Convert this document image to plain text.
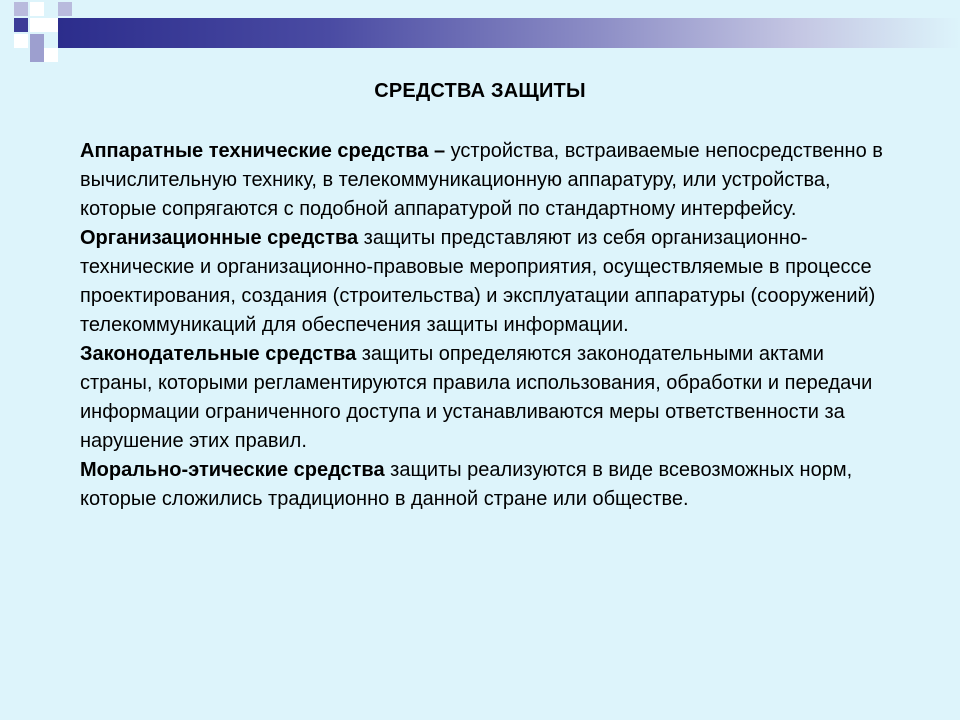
СРЕДСТВА ЗАЩИТЫ

Аппаратные технические средства – устройства, встраиваемые непосредственно в вычислительную технику, в телекоммуникационную аппаратуру, или устройства, которые сопрягаются с подобной аппаратурой по стандартному интерфейсу.

Организационные средства защиты представляют из себя организационно-технические и организационно-правовые мероприятия, осуществляемые в процессе проектирования, создания (строительства) и эксплуатации аппаратуры (сооружений) телекоммуникаций для обеспечения защиты информации.

Законодательные средства защиты определяются законодательными актами страны, которыми регламентируются правила использования, обработки и передачи информации ограниченного доступа и устанавливаются меры ответственности за нарушение этих правил.

Морально-этические средства защиты реализуются в виде всевозможных норм, которые сложились традиционно в данной стране или обществе.
